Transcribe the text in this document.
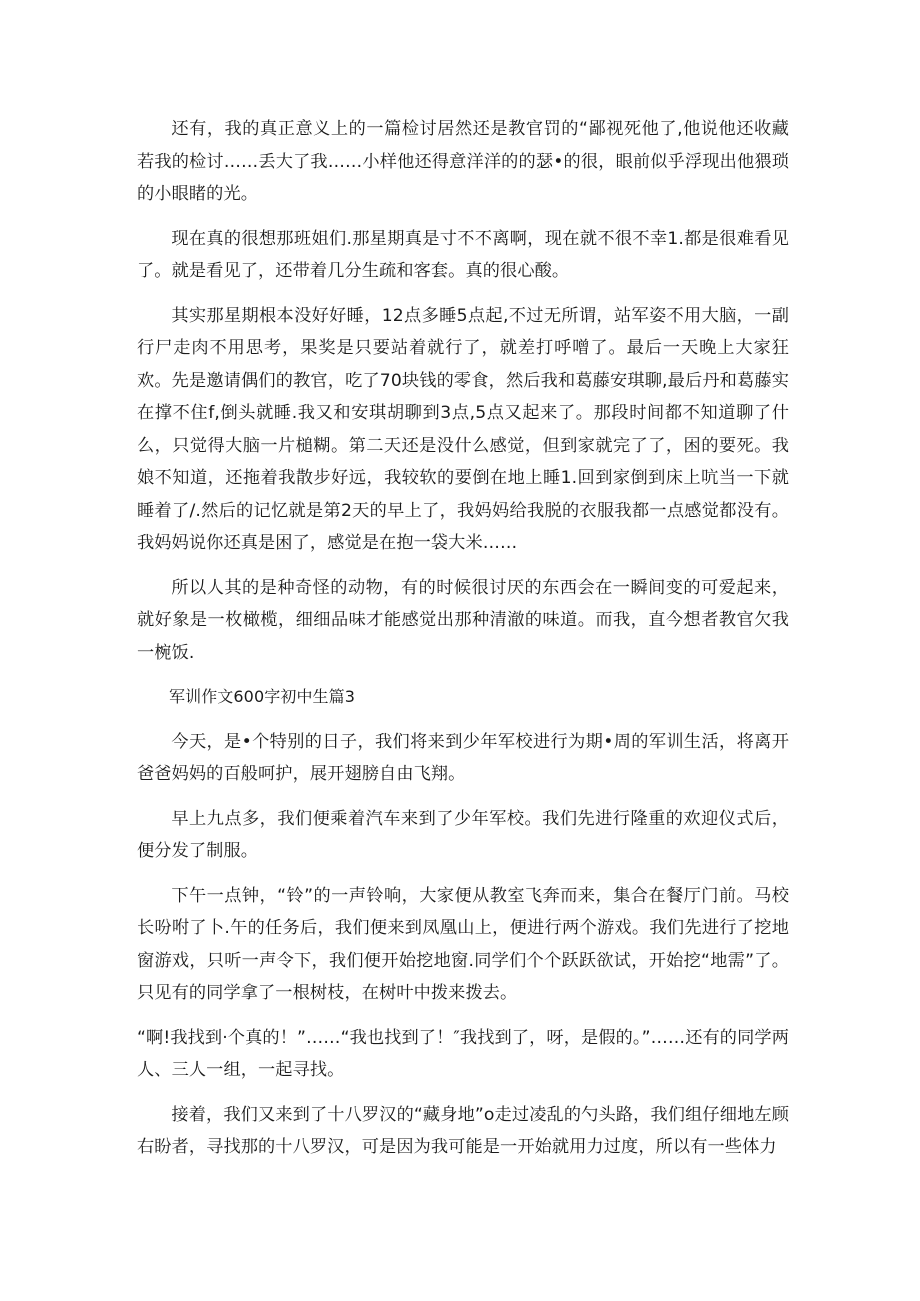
还有，我的真正意义上的一篇检讨居然还是教官罚的“鄙视死他了,他说他还收藏若我的检讨……丢大了我……小样他还得意洋洋的的瑟•的很，眼前似乎浮现出他猥琐的小眼睹的光。

现在真的很想那班姐们.那星期真是寸不不离啊，现在就不很不幸1.都是很难看见了。就是看见了，还带着几分生疏和客套。真的很心酸。

其实那星期根本没好好睡，12点多睡5点起,不过无所谓，站军姿不用大脑，一副行尸走肉不用思考，果奖是只要站着就行了，就差打呼噌了。最后一天晚上大家狂欢。先是邀请偶们的教官，吃了70块钱的零食，然后我和葛藤安琪聊,最后丹和葛藤实在撑不住f,倒头就睡.我又和安琪胡聊到3点,5点又起来了。那段时间都不知道聊了什么，只觉得大脑一片槌糊。第二天还是没什么感觉，但到家就完了了，困的要死。我娘不知道，还拖着我散步好远，我较软的要倒在地上睡1.回到家倒到床上吭当一下就睡着了/.然后的记忆就是第2天的早上了，我妈妈给我脱的衣服我都一点感觉都没有。我妈妈说你还真是困了，感觉是在抱一袋大米……

所以人其的是种奇怪的动物，有的时候很讨厌的东西会在一瞬间变的可爱起来，就好象是一枚橄榄，细细品味才能感觉出那种清澈的味道。而我，直今想者教官欠我一椀饭.

军训作文600字初中生篇3

今天，是•个特别的日子，我们将来到少年军校进行为期•周的军训生活，将离开爸爸妈妈的百般呵护，展开翅膀自由飞翔。

早上九点多，我们便乘着汽车来到了少年军校。我们先进行隆重的欢迎仪式后，便分发了制服。

下午一点钟，“铃”的一声铃响，大家便从教室飞奔而来，集合在餐厅门前。马校长吩咐了卜.午的任务后，我们便来到凤凰山上，便进行两个游戏。我们先进行了挖地窗游戏，只听一声令下，我们便开始挖地窗.同学们个个跃跃欲试，开始挖“地需”了。只见有的同学拿了一根树枝，在树叶中拨来拨去。

“啊!我找到·个真的！”……“我也找到了！″我找到了，呀，是假的。”……还有的同学两人、三人一组，一起寻找。

接着，我们又来到了十八罗汉的“藏身地”o走过凌乱的勺头路，我们组仔细地左顾右盼者，寻找那的十八罗汉，可是因为我可能是一开始就用力过度，所以有一些体力
